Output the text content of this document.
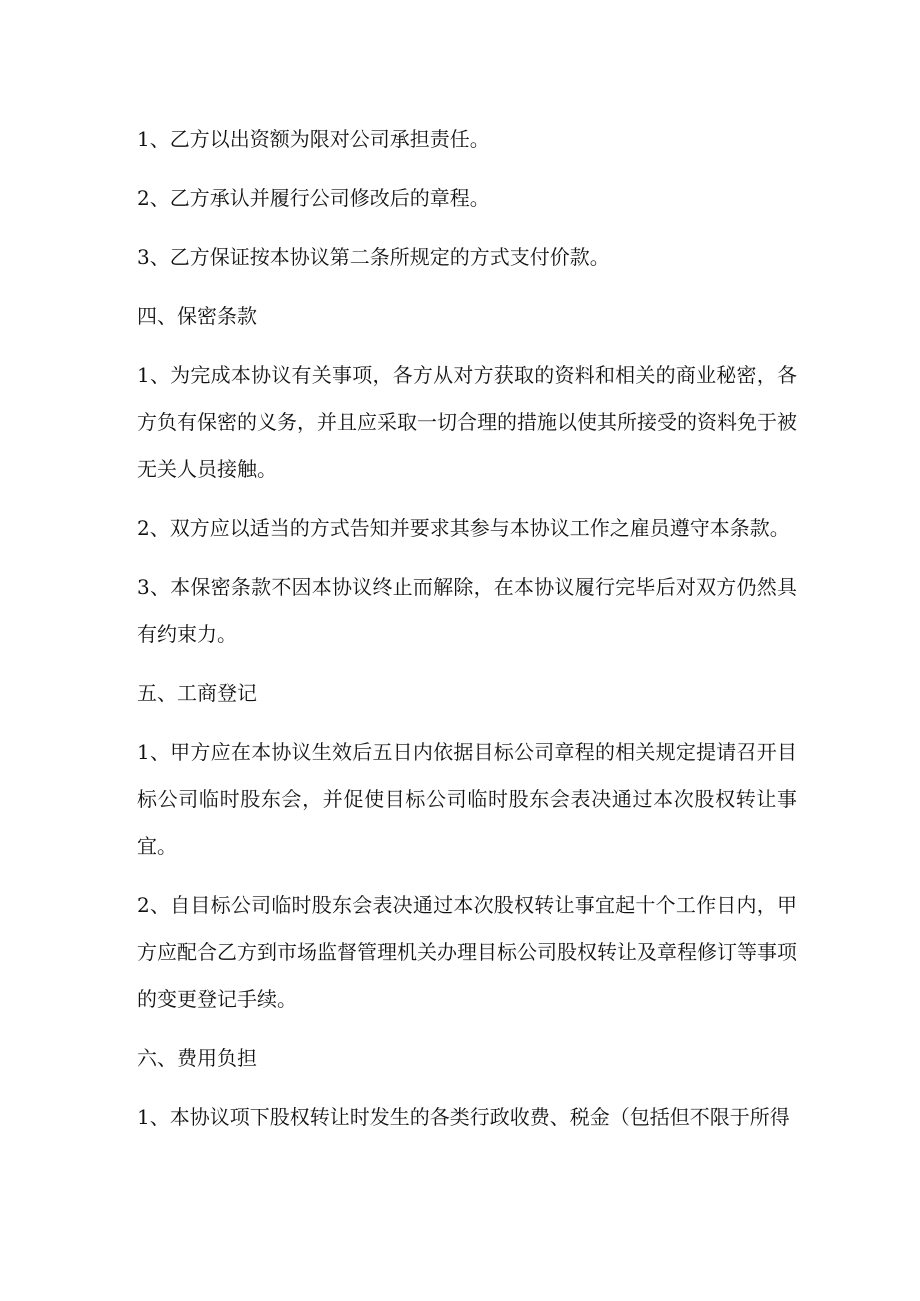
1、乙方以出资额为限对公司承担责任。

2、乙方承认并履行公司修改后的章程。

3、乙方保证按本协议第二条所规定的方式支付价款。

四、保密条款

1、为完成本协议有关事项，各方从对方获取的资料和相关的商业秘密，各方负有保密的义务，并且应采取一切合理的措施以使其所接受的资料免于被无关人员接触。

2、双方应以适当的方式告知并要求其参与本协议工作之雇员遵守本条款。

3、本保密条款不因本协议终止而解除，在本协议履行完毕后对双方仍然具有约束力。

五、工商登记

1、甲方应在本协议生效后五日内依据目标公司章程的相关规定提请召开目标公司临时股东会，并促使目标公司临时股东会表决通过本次股权转让事宜。

2、自目标公司临时股东会表决通过本次股权转让事宜起十个工作日内，甲方应配合乙方到市场监督管理机关办理目标公司股权转让及章程修订等事项的变更登记手续。

六、费用负担

1、本协议项下股权转让时发生的各类行政收费、税金（包括但不限于所得
